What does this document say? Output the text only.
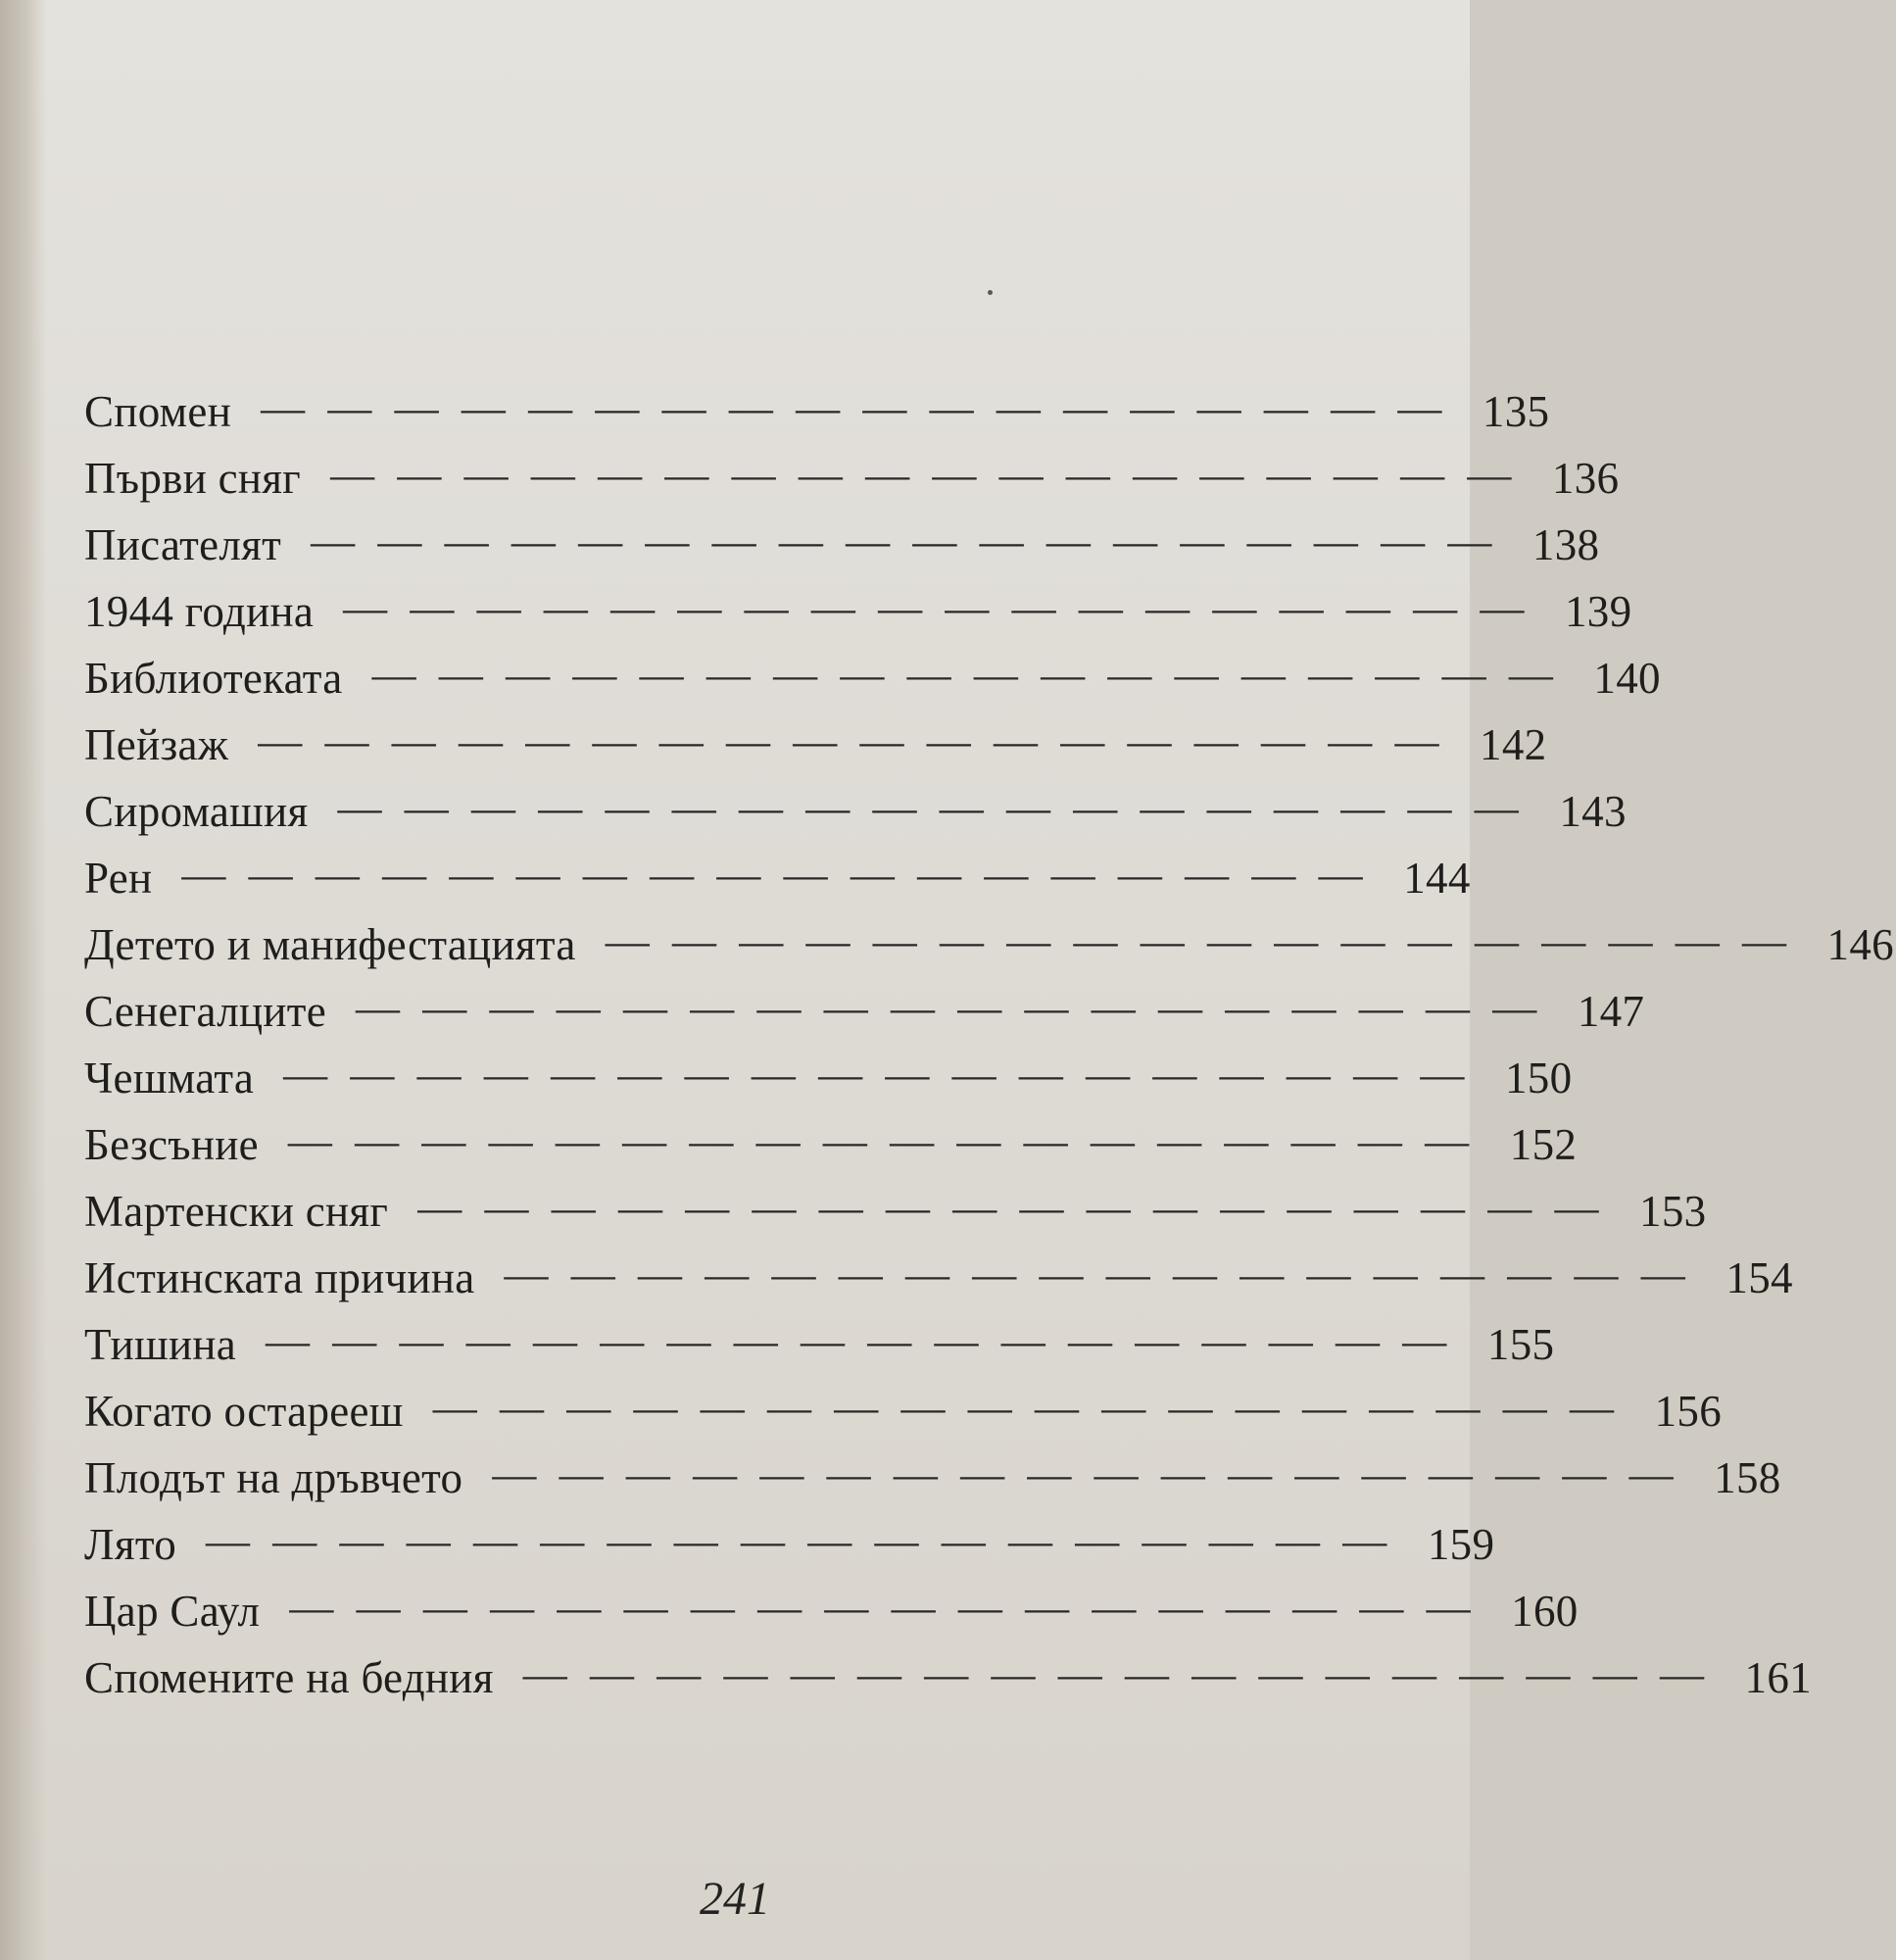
Спомен — — — — — — — — — — — — — — — — — — 135
Първи сняг — — — — — — — — — — — — — — — — — — 136
Писателят — — — — — — — — — — — — — — — — — — 138
1944 година — — — — — — — — — — — — — — — — — — 139
Библиотеката — — — — — — — — — — — — — — — — — — 140
Пейзаж — — — — — — — — — — — — — — — — — — 142
Сиромашия — — — — — — — — — — — — — — — — — — 143
Рен — — — — — — — — — — — — — — — — — — 144
Детето и манифестацията — — — — — — — — — — — — — — — — — — 146
Сенегалците — — — — — — — — — — — — — — — — — — 147
Чешмата — — — — — — — — — — — — — — — — — — 150
Безсъние — — — — — — — — — — — — — — — — — — 152
Мартенски сняг — — — — — — — — — — — — — — — — — — 153
Истинската причина — — — — — — — — — — — — — — — — — — 154
Тишина — — — — — — — — — — — — — — — — — — 155
Когато остарееш — — — — — — — — — — — — — — — — — — 156
Плодът на дръвчето — — — — — — — — — — — — — — — — — — 158
Лято — — — — — — — — — — — — — — — — — — 159
Цар Саул — — — — — — — — — — — — — — — — — — 160
Спомените на бедния — — — — — — — — — — — — — — — — — — 161
241
